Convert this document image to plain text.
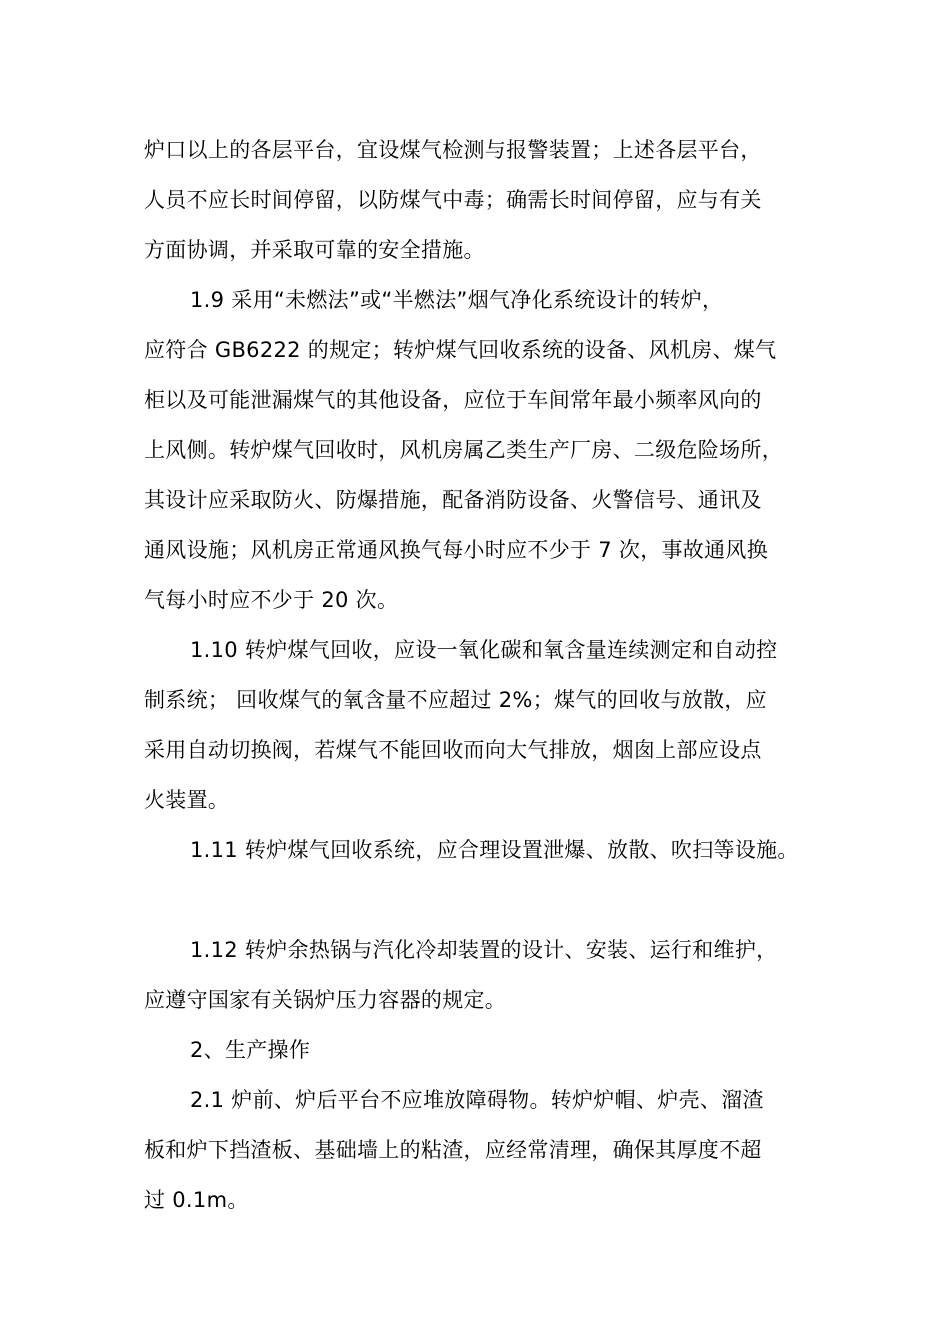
炉口以上的各层平台，宜设煤气检测与报警装置；上述各层平台，
人员不应长时间停留，以防煤气中毒；确需长时间停留，应与有关
方面协调，并采取可靠的安全措施。
1.9 采用“未燃法”或“半燃法”烟气净化系统设计的转炉，
应符合 GB6222 的规定；转炉煤气回收系统的设备、风机房、煤气
柜以及可能泄漏煤气的其他设备，应位于车间常年最小频率风向的
上风侧。转炉煤气回收时，风机房属乙类生产厂房、二级危险场所，
其设计应采取防火、防爆措施，配备消防设备、火警信号、通讯及
通风设施；风机房正常通风换气每小时应不少于 7 次，事故通风换
气每小时应不少于 20 次。
1.10 转炉煤气回收，应设一氧化碳和氧含量连续测定和自动控
制系统； 回收煤气的氧含量不应超过 2%；煤气的回收与放散，应
采用自动切换阀，若煤气不能回收而向大气排放，烟囱上部应设点
火装置。
1.11 转炉煤气回收系统，应合理设置泄爆、放散、吹扫等设施。
1.12 转炉余热锅与汽化冷却装置的设计、安装、运行和维护，
应遵守国家有关锅炉压力容器的规定。
2、生产操作
2.1 炉前、炉后平台不应堆放障碍物。转炉炉帽、炉壳、溜渣
板和炉下挡渣板、基础墙上的粘渣，应经常清理，确保其厚度不超
过 0.1m。
